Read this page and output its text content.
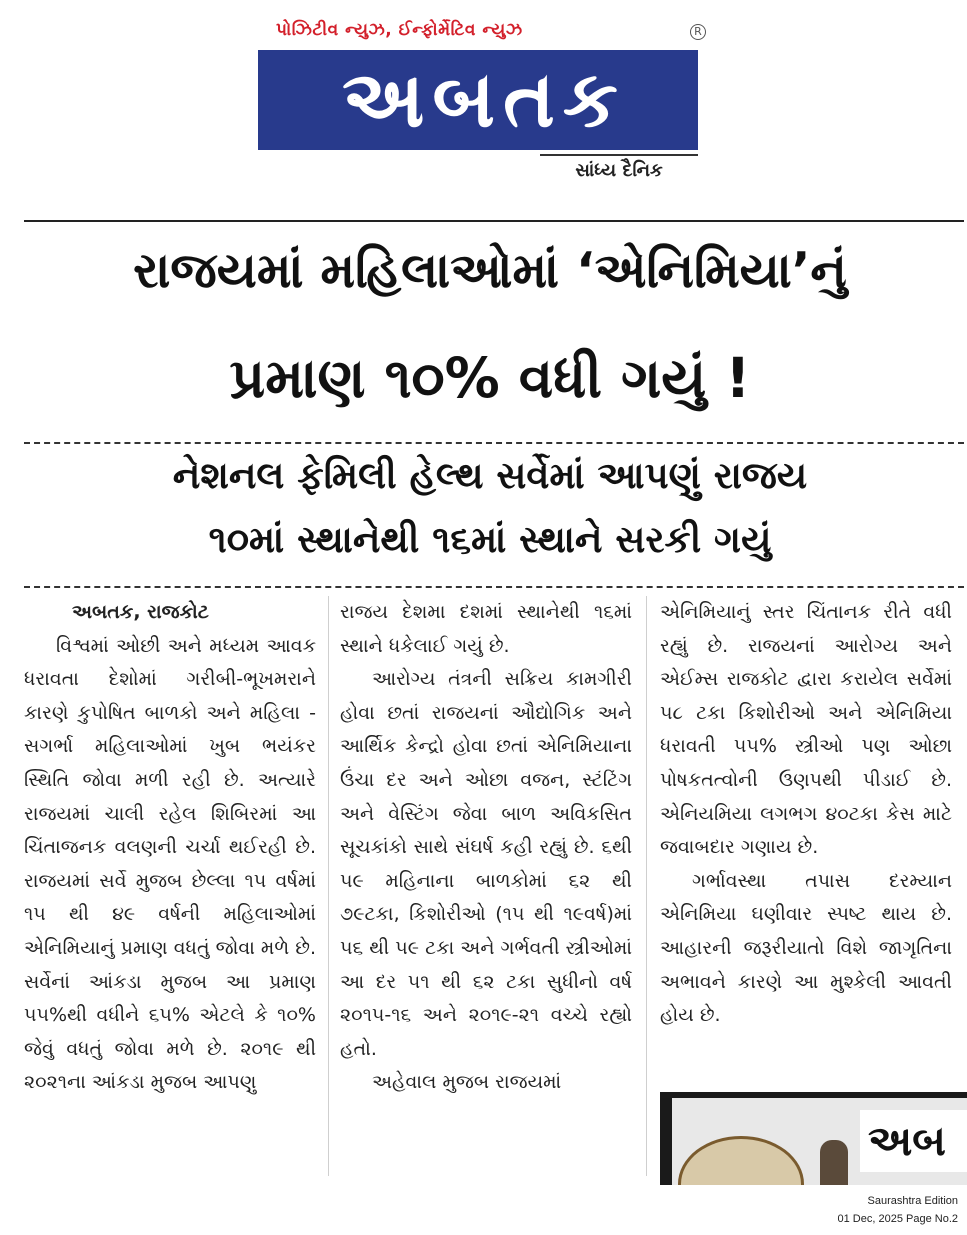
પોઝિટીવ ન્યુઝ, ઈન્ફોર્મેટિવ ન્યુઝ	R
અબતક
સાંધ્ય દૈનિક
રાજયમાં મહિલાઓમાં ‘એનિમિયા’નું
પ્રમાણ ૧૦% વધી ગયું !
નેશનલ ફેમિલી હેલ્થ સર્વેમાં આપણું રાજય
૧૦માં સ્થાનેથી ૧૬માં સ્થાને સરકી ગયું
અબતક, રાજકોટ

વિશ્વમાં ઓછી અને મધ્યમ આવક ધરાવતા દેશોમાં ગરીબી-ભૂખમરાને કારણે કુપોષિત બાળકો અને મહિલા - સગર્ભા મહિલાઓમાં ખુબ ભયંકર સ્થિતિ જોવા મળી રહી છે. અત્યારે રાજયમાં ચાલી રહેલ શિબિરમાં આ ચિંતાજનક વલણની ચર્ચા થઈરહી છે. રાજયમાં સર્વે મુજબ છેલ્લા ૧૫ વર્ષમાં ૧૫ થી ૪૯ વર્ષની મહિલાઓમાં એનિમિયાનું પ્રમાણ વધતું જોવા મળે છે. સર્વેનાં આંકડા મુજબ આ પ્રમાણ ૫૫%થી વધીને ૬૫% એટલે કે ૧૦% જેવું વધતું જોવા મળે છે. ૨૦૧૯ થી ૨૦૨૧ના આંકડા મુજબ આપણુ

રાજય દેશમા દશમાં સ્થાનેથી ૧૬માં સ્થાને ધકેલાઈ ગયું છે.

આરોગ્ય તંત્રની સક્રિય કામગીરી હોવા છતાં રાજયનાં ઔદ્યોગિક અને આર્થિક કેન્દ્રો હોવા છતાં એનિમિયાના ઉંચા દર અને ઓછા વજન, સ્ટંટિંગ અને વેસ્ટિંગ જેવા બાળ અવિકસિત સૂચકાંકો સાથે સંઘર્ષ કહી રહ્યું છે. ૬થી ૫૯ મહિનાના બાળકોમાં ૬૨ થી ૭૯ટકા, કિશોરીઓ (૧૫ થી ૧૯વર્ષ)માં ૫૬ થી ૫૯ ટકા અને ગર્ભવતી સ્ત્રીઓમાં આ દર ૫૧ થી ૬૨ ટકા સુધીનો વર્ષ ૨૦૧૫-૧૬ અને ૨૦૧૯-૨૧ વચ્ચે રહ્યો હતો.

અહેવાલ મુજબ રાજયમાં

એનિમિયાનું સ્તર ચિંતાનક રીતે વધી રહ્યું છે. રાજયનાં આરોગ્ય અને એઈમ્સ રાજકોટ દ્વારા કરાયેલ સર્વેમાં ૫૮ ટકા કિશોરીઓ અને એનિમિયા ધરાવતી ૫૫% સ્ત્રીઓ પણ ઓછા પોષકતત્વોની ઉણપથી પીડાઈ છે. એનિયમિયા લગભગ ૪૦ટકા કેસ માટે જવાબદાર ગણાય છે.

ગર્ભાવસ્થા તપાસ દરમ્યાન એનિમિયા ઘણીવાર સ્પષ્ટ થાય છે. આહારની જરૂરીયાતો વિશે જાગૃતિના અભાવને કારણે આ મુશ્કેલી આવતી હોય છે.

અબ
Saurashtra Edition
01 Dec, 2025 Page No.2
